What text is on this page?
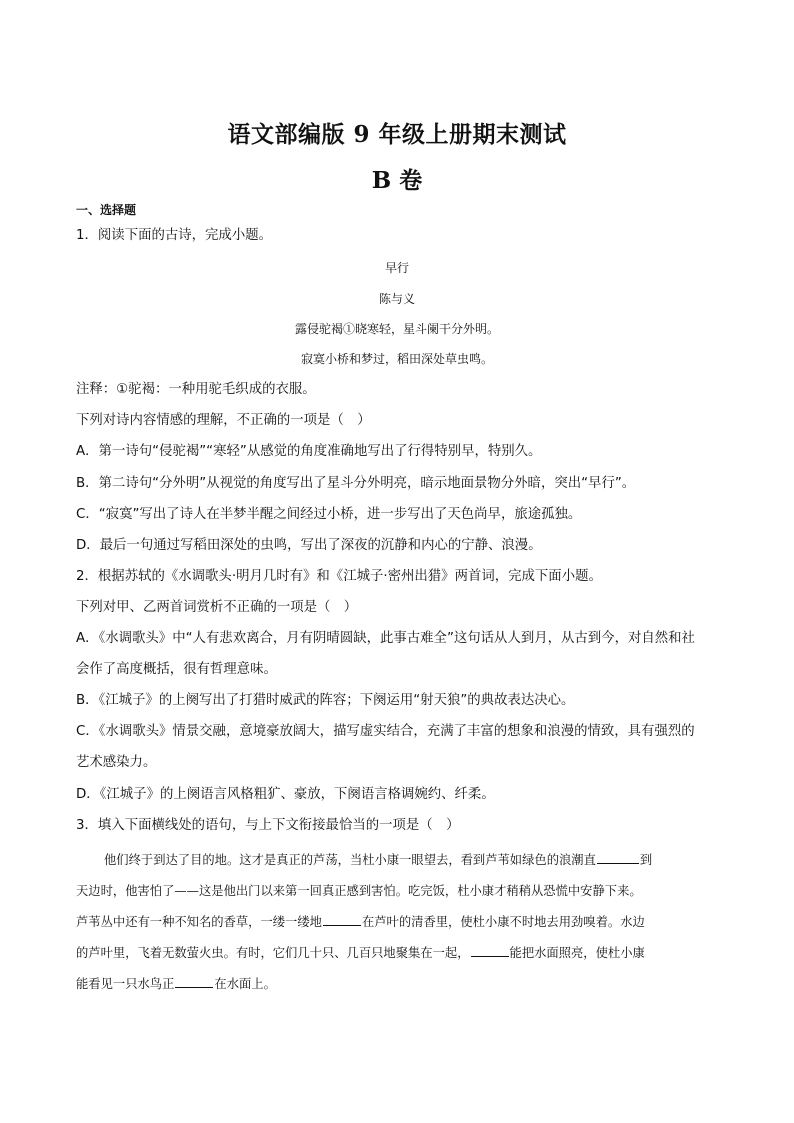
语文部编版 9 年级上册期末测试
B 卷
一、选择题
1．阅读下面的古诗，完成小题。
早行
陈与义
露侵驼褐①晓寒轻，星斗阑干分外明。
寂寞小桥和梦过，稻田深处草虫鸣。
注释：①驼褐：一种用驼毛织成的衣服。
下列对诗内容情感的理解，不正确的一项是（　）
A．第一诗句“侵驼褐”“寒轻”从感觉的角度准确地写出了行得特别早，特别久。
B．第二诗句“分外明”从视觉的角度写出了星斗分外明亮，暗示地面景物分外暗，突出“早行”。
C．“寂寞”写出了诗人在半梦半醒之间经过小桥，进一步写出了天色尚早，旅途孤独。
D．最后一句通过写稻田深处的虫鸣，写出了深夜的沉静和内心的宁静、浪漫。
2．根据苏轼的《水调歌头·明月几时有》和《江城子·密州出猎》两首词，完成下面小题。
下列对甲、乙两首词赏析不正确的一项是（　）
A．《水调歌头》中“人有悲欢离合，月有阴晴圆缺，此事古难全”这句话从人到月，从古到今，对自然和社
会作了高度概括，很有哲理意味。
B．《江城子》的上阕写出了打猎时威武的阵容；下阕运用“射天狼”的典故表达决心。
C．《水调歌头》情景交融，意境豪放阔大，描写虚实结合，充满了丰富的想象和浪漫的情致，具有强烈的
艺术感染力。
D．《江城子》的上阕语言风格粗犷、豪放，下阕语言格调婉约、纤柔。
3．填入下面横线处的语句，与上下文衔接最恰当的一项是（　）
他们终于到达了目的地。这才是真正的芦荡，当杜小康一眼望去，看到芦苇如绿色的浪潮直	到
天边时，他害怕了——这是他出门以来第一回真正感到害怕。吃完饭，杜小康才稍稍从恐慌中安静下来。
芦苇丛中还有一种不知名的香草，一缕一缕地	在芦叶的清香里，使杜小康不时地去用劲嗅着。水边
的芦叶里，飞着无数萤火虫。有时，它们几十只、几百只地聚集在一起，	能把水面照亮，使杜小康
能看见一只水鸟正	在水面上。
